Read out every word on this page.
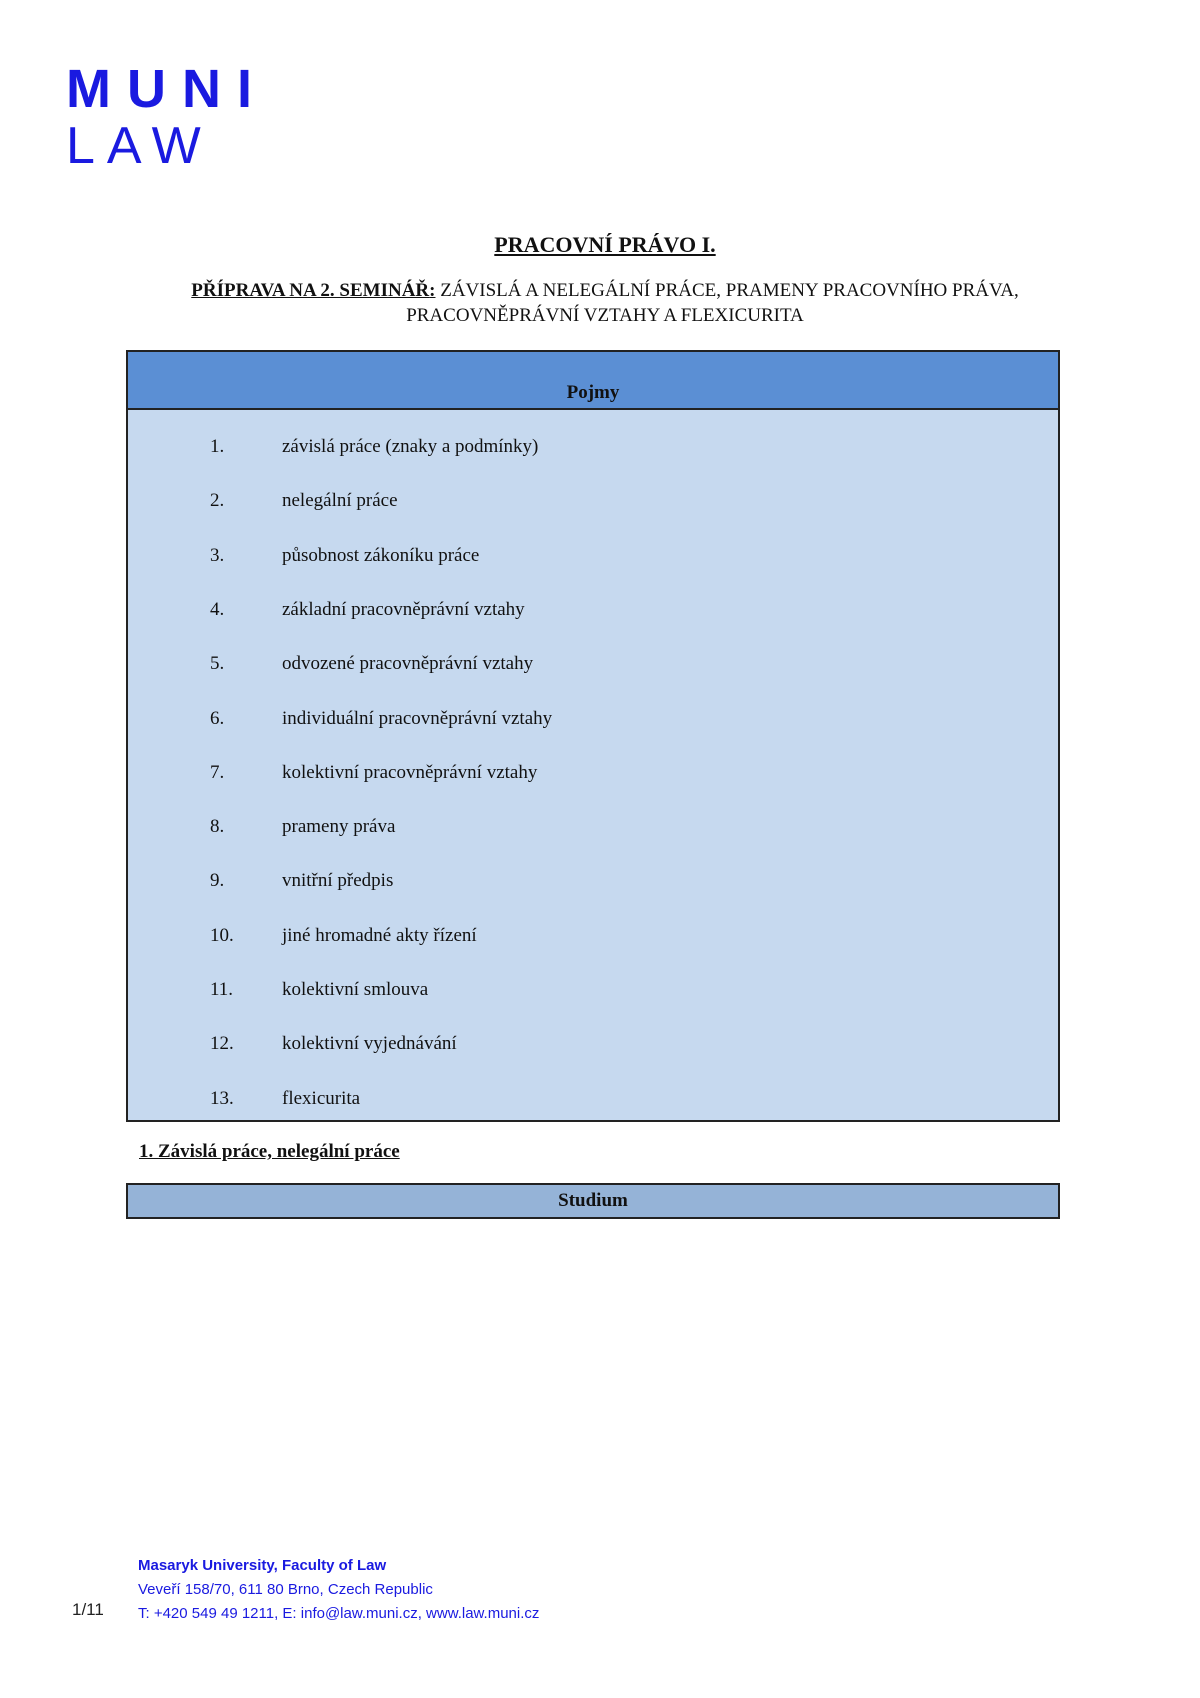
MUNI
LAW
PRACOVNÍ PRÁVO I.
PŘÍPRAVA NA 2. SEMINÁŘ: ZÁVISLÁ A NELEGÁLNÍ PRÁCE, PRAMENY PRACOVNÍHO PRÁVA, PRACOVNĚPRÁVNÍ VZTAHY A FLEXICURITA
Pojmy
1.	závislá práce (znaky a podmínky)
2.	nelegální práce
3.	působnost zákoníku práce
4.	základní pracovněprávní vztahy
5.	odvozené pracovněprávní vztahy
6.	individuální pracovněprávní vztahy
7.	kolektivní pracovněprávní vztahy
8.	prameny práva
9.	vnitřní předpis
10.	jiné hromadné akty řízení
11.	kolektivní smlouva
12.	kolektivní vyjednávání
13.	flexicurita
1. Závislá práce, nelegální práce
Studium
Masaryk University, Faculty of Law
Veveří 158/70, 611 80 Brno, Czech Republic
T: +420 549 49 1211, E: info@law.muni.cz, www.law.muni.cz
1/11
